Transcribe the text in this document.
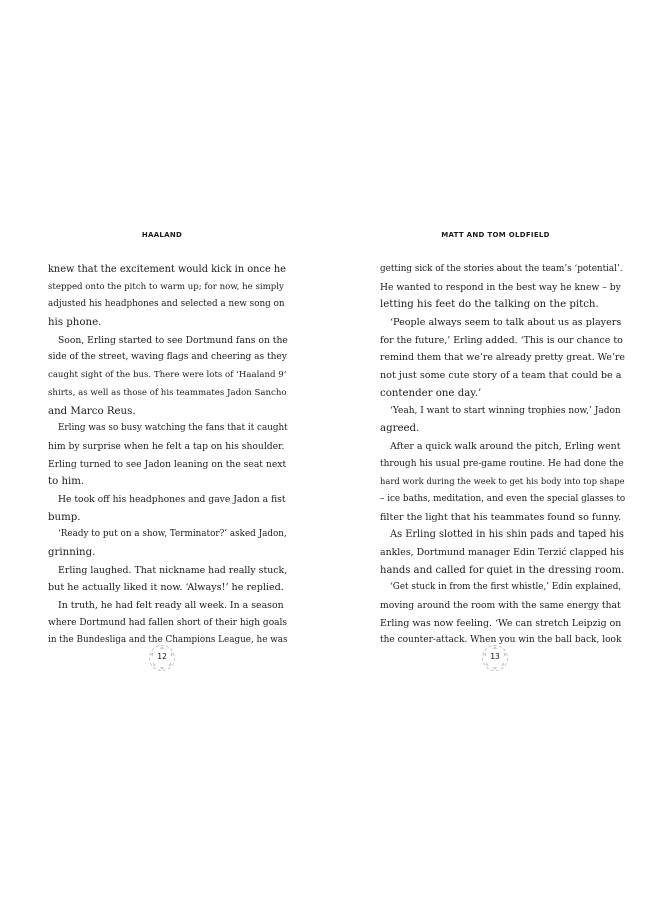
HAALAND
knew that the excitement would kick in once he
stepped onto the pitch to warm up; for now, he simply
adjusted his headphones and selected a new song on
his phone.
Soon, Erling started to see Dortmund fans on the
side of the street, waving flags and cheering as they
caught sight of the bus. There were lots of ‘Haaland 9’
shirts, as well as those of his teammates Jadon Sancho
and Marco Reus.
Erling was so busy watching the fans that it caught
him by surprise when he felt a tap on his shoulder.
Erling turned to see Jadon leaning on the seat next
to him.
He took off his headphones and gave Jadon a fist
bump.
‘Ready to put on a show, Terminator?’ asked Jadon,
grinning.
Erling laughed. That nickname had really stuck,
but he actually liked it now. ‘Always!’ he replied.
In truth, he had felt ready all week. In a season
where Dortmund had fallen short of their high goals
in the Bundesliga and the Champions League, he was
12
MATT AND TOM OLDFIELD
getting sick of the stories about the team’s ‘potential’.
He wanted to respond in the best way he knew – by
letting his feet do the talking on the pitch.
‘People always seem to talk about us as players
for the future,’ Erling added. ‘This is our chance to
remind them that we’re already pretty great. We’re
not just some cute story of a team that could be a
contender one day.’
‘Yeah, I want to start winning trophies now,’ Jadon
agreed.
After a quick walk around the pitch, Erling went
through his usual pre-game routine. He had done the
hard work during the week to get his body into top shape
– ice baths, meditation, and even the special glasses to
filter the light that his teammates found so funny.
As Erling slotted in his shin pads and taped his
ankles, Dortmund manager Edin Terzić clapped his
hands and called for quiet in the dressing room.
‘Get stuck in from the first whistle,’ Edin explained,
moving around the room with the same energy that
Erling was now feeling. ‘We can stretch Leipzig on
the counter-attack. When you win the ball back, look
13
